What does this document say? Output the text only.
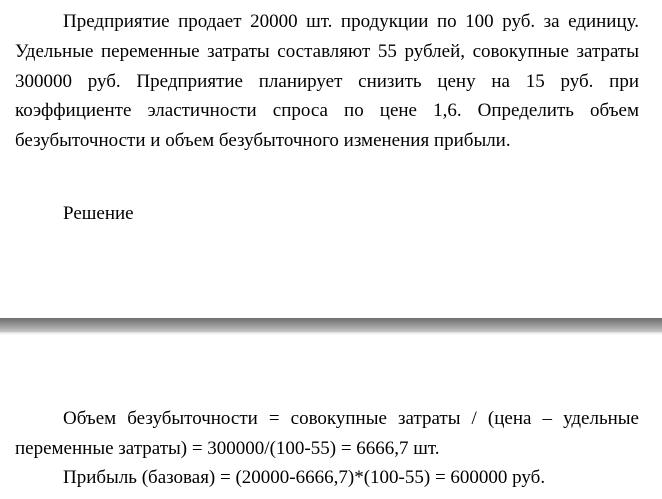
Предприятие продает 20000 шт. продукции по 100 руб. за единицу. Удельные переменные затраты составляют 55 рублей, совокупные затраты 300000 руб. Предприятие планирует снизить цену на 15 руб. при коэффициенте эластичности спроса по цене 1,6. Определить объем безубыточности и объем безубыточного изменения прибыли.

Решение

Объем безубыточности = совокупные затраты / (цена – удельные переменные затраты) = 300000/(100-55) = 6666,7 шт.

Прибыль (базовая) = (20000-6666,7)*(100-55) = 600000 руб.
